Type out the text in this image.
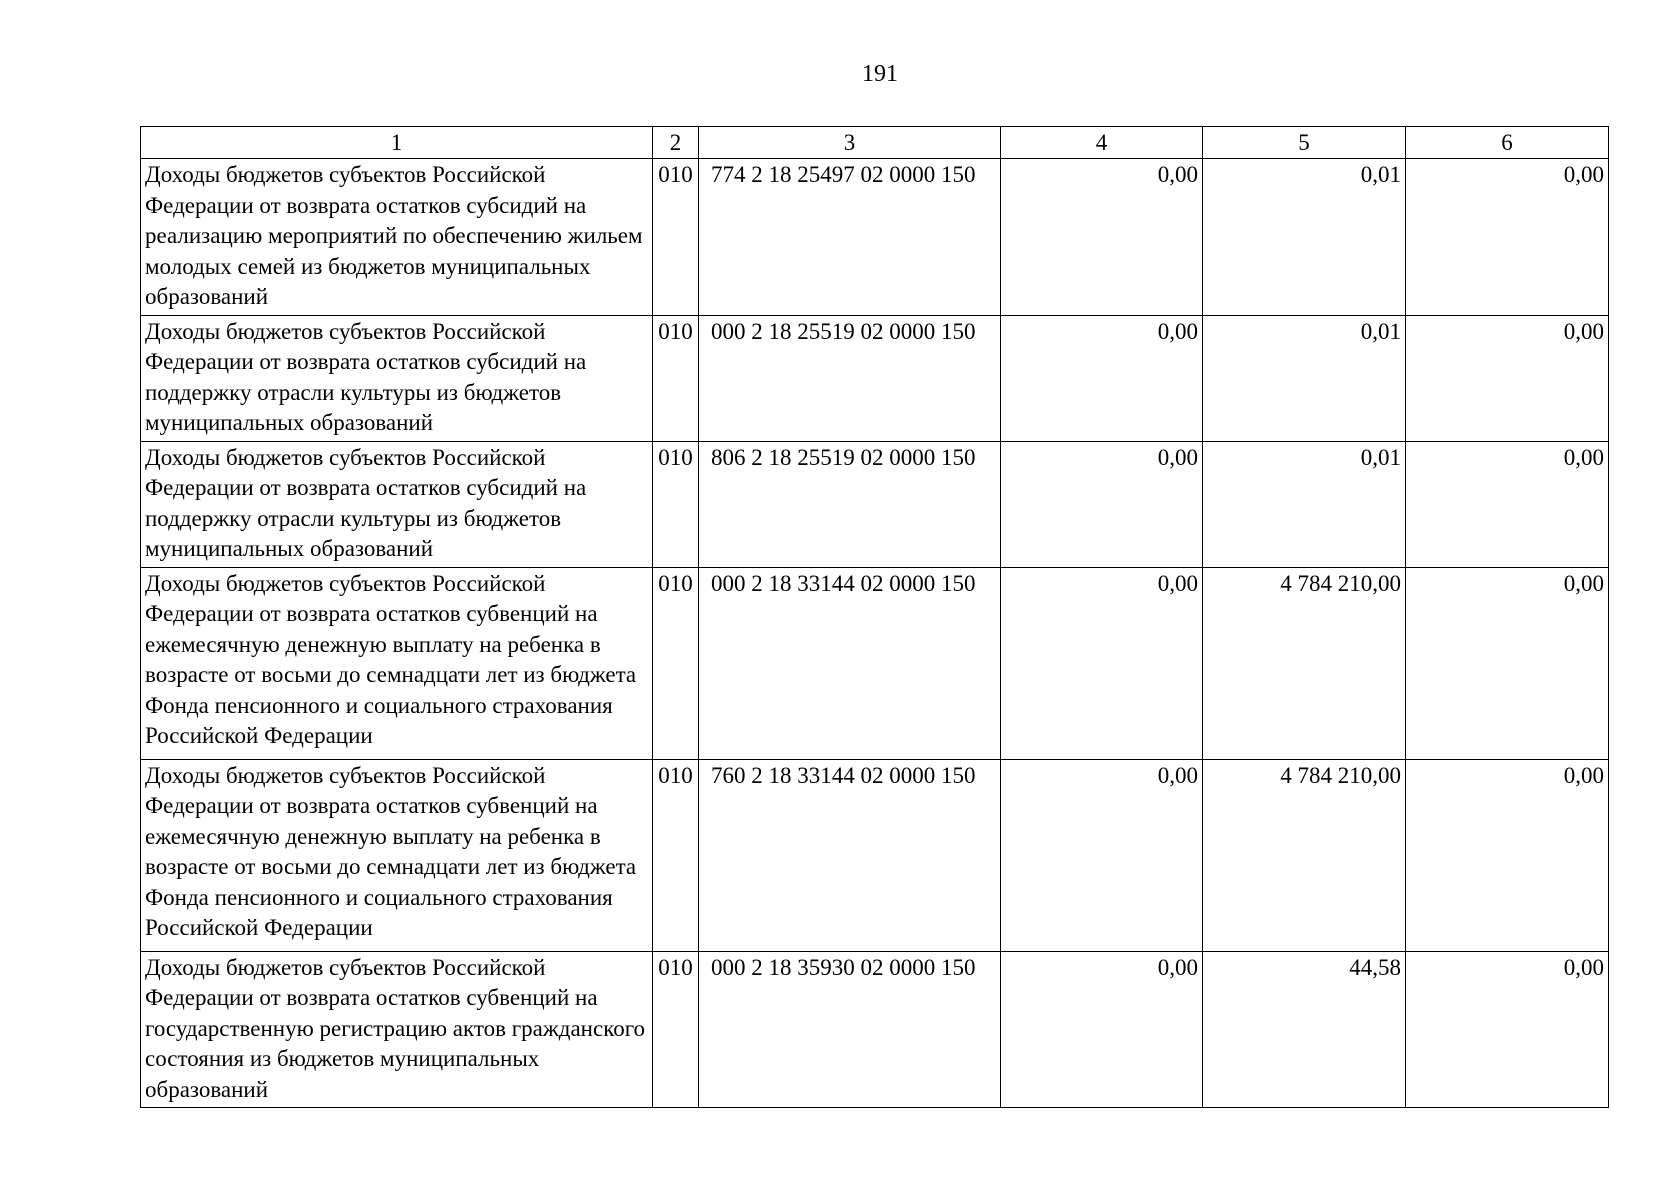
191
1	2	3	4	5	6
Доходы бюджетов субъектов Российской Федерации от возврата остатков субсидий на реализацию мероприятий по обеспечению жильем молодых семей из бюджетов муниципальных образований	010	774 2 18 25497 02 0000 150	0,00	0,01	0,00
Доходы бюджетов субъектов Российской Федерации от возврата остатков субсидий на поддержку отрасли культуры из бюджетов муниципальных образований	010	000 2 18 25519 02 0000 150	0,00	0,01	0,00
Доходы бюджетов субъектов Российской Федерации от возврата остатков субсидий на поддержку отрасли культуры из бюджетов муниципальных образований	010	806 2 18 25519 02 0000 150	0,00	0,01	0,00
Доходы бюджетов субъектов Российской Федерации от возврата остатков субвенций на ежемесячную денежную выплату на ребенка в возрасте от восьми до семнадцати лет из бюджета Фонда пенсионного и социального страхования Российской Федерации	010	000 2 18 33144 02 0000 150	0,00	4 784 210,00	0,00
Доходы бюджетов субъектов Российской Федерации от возврата остатков субвенций на ежемесячную денежную выплату на ребенка в возрасте от восьми до семнадцати лет из бюджета Фонда пенсионного и социального страхования Российской Федерации	010	760 2 18 33144 02 0000 150	0,00	4 784 210,00	0,00
Доходы бюджетов субъектов Российской Федерации от возврата остатков субвенций на государственную регистрацию актов гражданского состояния из бюджетов муниципальных образований	010	000 2 18 35930 02 0000 150	0,00	44,58	0,00
